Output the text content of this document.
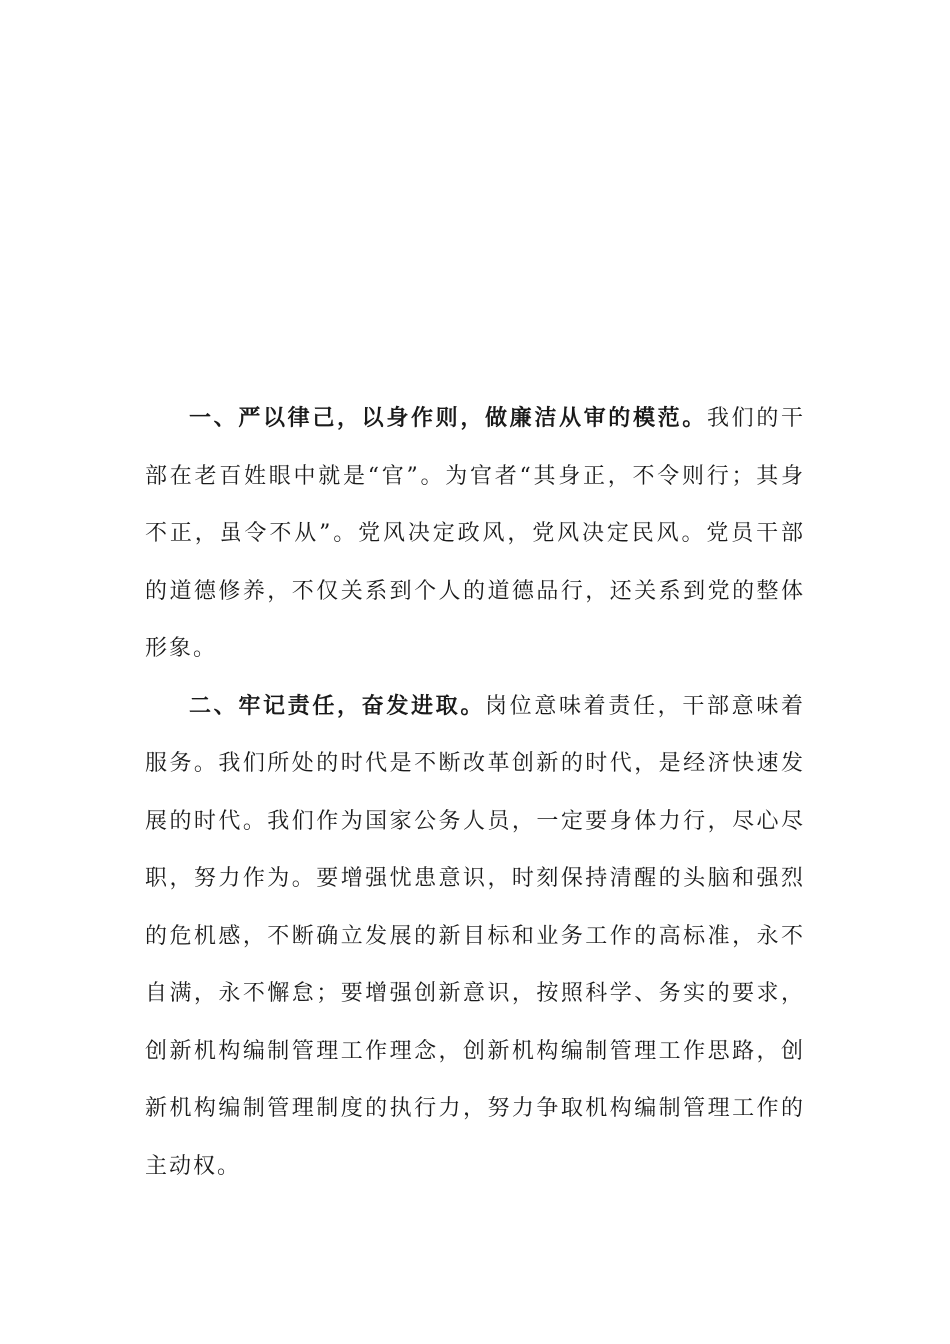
一、严以律己，以身作则，做廉洁从审的模范。我们的干部在老百姓眼中就是“官”。为官者“其身正，不令则行；其身不正，虽令不从”。党风决定政风，党风决定民风。党员干部的道德修养，不仅关系到个人的道德品行，还关系到党的整体形象。

二、牢记责任，奋发进取。岗位意味着责任，干部意味着服务。我们所处的时代是不断改革创新的时代，是经济快速发展的时代。我们作为国家公务人员，一定要身体力行，尽心尽职，努力作为。要增强忧患意识，时刻保持清醒的头脑和强烈的危机感，不断确立发展的新目标和业务工作的高标准，永不自满，永不懈怠；要增强创新意识，按照科学、务实的要求，创新机构编制管理工作理念，创新机构编制管理工作思路，创新机构编制管理制度的执行力，努力争取机构编制管理工作的主动权。
